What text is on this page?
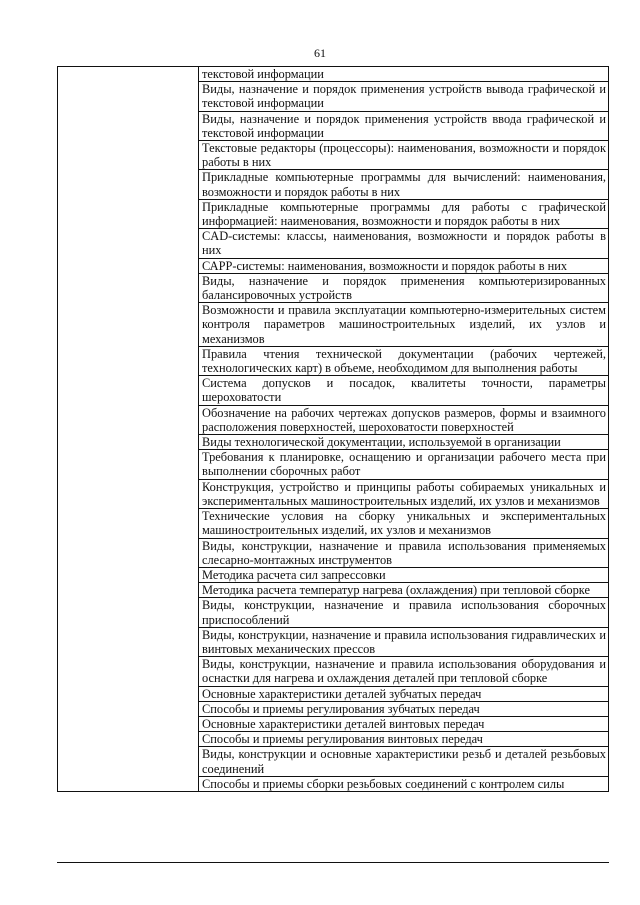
61
	текстовой информации
Виды, назначение и порядок применения устройств вывода графической и текстовой информации
Виды, назначение и порядок применения устройств ввода графической и текстовой информации
Текстовые редакторы (процессоры): наименования, возможности и порядок работы в них
Прикладные компьютерные программы для вычислений: наименования, возможности и порядок работы в них
Прикладные компьютерные программы для работы с графической информацией: наименования, возможности и порядок работы в них
CAD-системы: классы, наименования, возможности и порядок работы в них
САРР-системы: наименования, возможности и порядок работы в них
Виды, назначение и порядок применения компьютеризированных балансировочных устройств
Возможности и правила эксплуатации компьютерно-измерительных систем контроля параметров машиностроительных изделий, их узлов и механизмов
Правила чтения технической документации (рабочих чертежей, технологических карт) в объеме, необходимом для выполнения работы
Система допусков и посадок, квалитеты точности, параметры шероховатости
Обозначение на рабочих чертежах допусков размеров, формы и взаимного расположения поверхностей, шероховатости поверхностей
Виды технологической документации, используемой в организации
Требования к планировке, оснащению и организации рабочего места при выполнении сборочных работ
Конструкция, устройство и принципы работы собираемых уникальных и экспериментальных машиностроительных изделий, их узлов и механизмов
Технические условия на сборку уникальных и экспериментальных машиностроительных изделий, их узлов и механизмов
Виды, конструкции, назначение и правила использования применяемых слесарно-монтажных инструментов
Методика расчета сил запрессовки
Методика расчета температур нагрева (охлаждения) при тепловой сборке
Виды, конструкции, назначение и правила использования сборочных приспособлений
Виды, конструкции, назначение и правила использования гидравлических и винтовых механических прессов
Виды, конструкции, назначение и правила использования оборудования и оснастки для нагрева и охлаждения деталей при тепловой сборке
Основные характеристики деталей зубчатых передач
Способы и приемы регулирования зубчатых передач
Основные характеристики деталей винтовых передач
Способы и приемы регулирования винтовых передач
Виды, конструкции и основные характеристики резьб и деталей резьбовых соединений
Способы и приемы сборки резьбовых соединений с контролем силы
